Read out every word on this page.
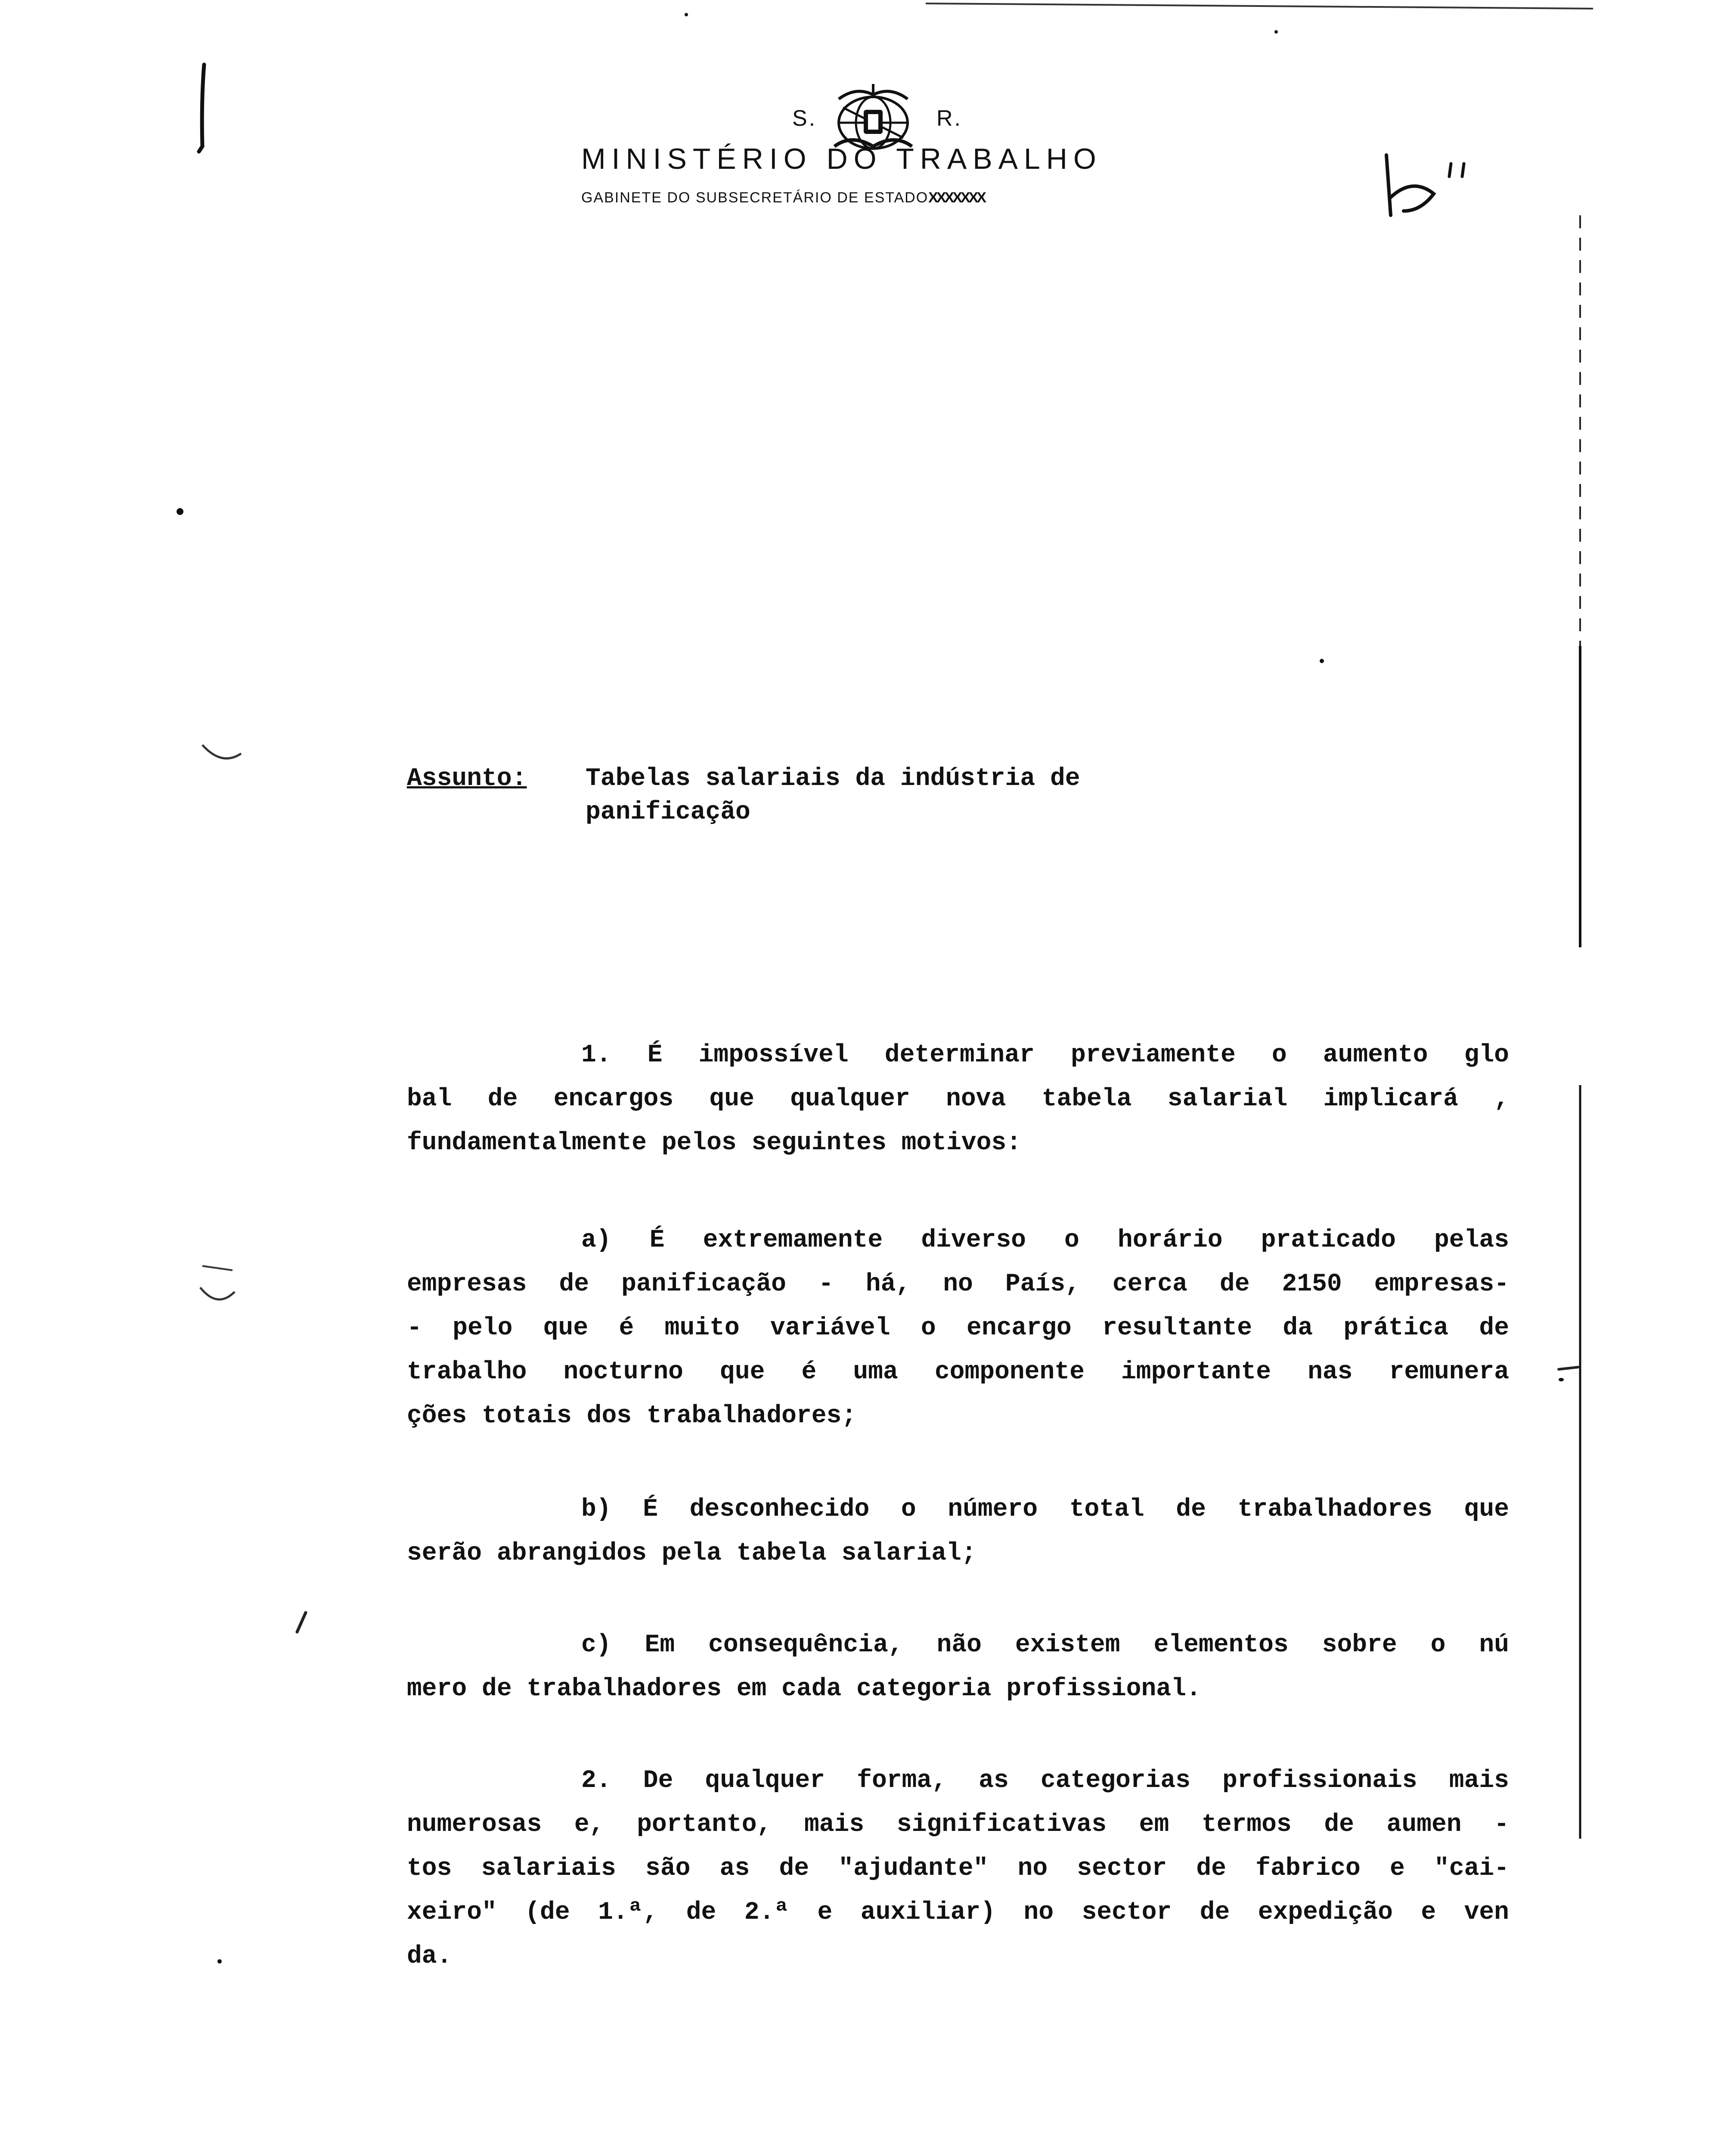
S.	R.
MINISTÉRIO DO TRABALHO
GABINETE DO SUBSECRETÁRIO DE ESTADOXXXXXXX
Assunto: Tabelas salariais da indústria de
panificação
1. É impossível determinar previamente o aumento glo
bal de encargos que qualquer nova tabela salarial implicará ,
fundamentalmente pelos seguintes motivos:
a) É extremamente diverso o horário praticado pelas
empresas de panificação - há, no País, cerca de 2150 empresas-
- pelo que é muito variável o encargo resultante da prática de
trabalho nocturno que é uma componente importante nas remunera
ções totais dos trabalhadores;
b) É desconhecido o número total de trabalhadores que
serão abrangidos pela tabela salarial;
c) Em consequência, não existem elementos sobre o nú
mero de trabalhadores em cada categoria profissional.
2. De qualquer forma, as categorias profissionais mais
numerosas e, portanto, mais significativas em termos de aumen -
tos salariais são as de "ajudante" no sector de fabrico e "cai-
xeiro" (de 1.ª, de 2.ª e auxiliar) no sector de expedição e ven
da.
